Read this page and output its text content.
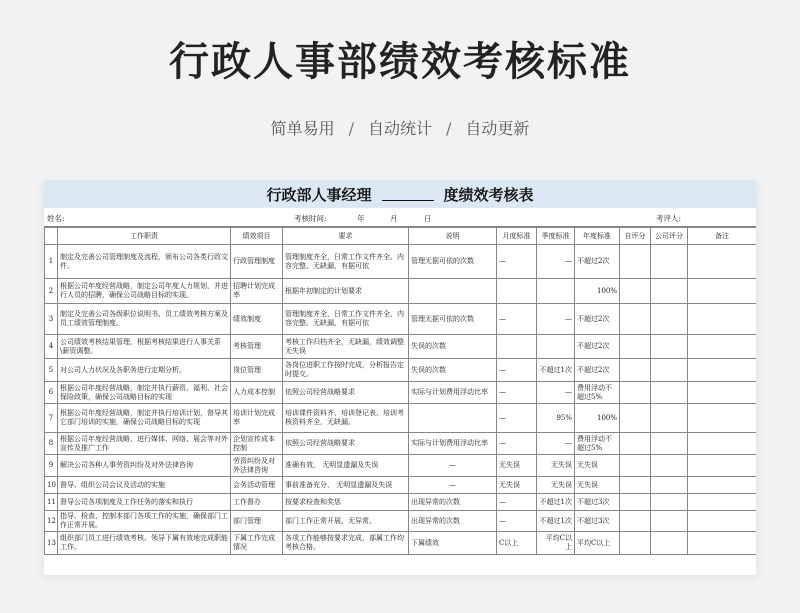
行政人事部绩效考核标准
简单易用 / 自动统计 / 自动更新
行政部人事经理	度绩效考核表
姓名:	考核时间:	年	月	日	考评人:
	工作职责	绩效项目	要求	说明	月度标准	季度标准	年度标准	自评分	公司评分	备注
1	制定及完善公司管理制度及流程，颁布公司各类行政文件。	行政管理制度	管理制度齐全，日常工作文件齐全、内容完整、无缺漏，有据可依	管理无据可依的次数	—	—	不超过2次			
2	根据公司年度经营战略，制定公司年度人力规划，并进行人员的招聘，确保公司战略目标的实现。	招聘计划完成率	根据年初制定的计划要求				100%			
3	制定及完善公司各级职位说明书、员工绩效考核方案及员工绩效管理制度。	绩效制度	管理制度齐全，日常工作文件齐全、内容完整、无缺漏，有据可依	管理无据可依的次数	—	—	不超过2次			
4	公司绩效考核结果管理，根据考核结果进行人事关系\薪资调整。	考核管理	考核工作归档齐全，无缺漏，绩效调整无失误	失误的次数			不超过2次			
5	对公司人力状况及各职务进行定期分析。	岗位管理	各岗位进职工作按时完成，分析报告定时提交。	失误的次数	—	不超过1次	不超过2次			
6	根据公司年度经营战略，制定并执行薪资、福利、社会保险政策，确保公司战略目标的实现	人力成本控制	依照公司经营战略要求	实际与计划费用浮动比率	—	—	费用浮动不超过5%			
7	根据公司年度经营战略，制定并执行培训计划，督导其它部门培训的实施，确保公司战略目标的实现	培训计划完成率	培训课件资料齐、培训登记表、培训考核资料齐全，无缺漏。		—	95%	100%			
8	根据公司年度经营战略，进行媒体、网络、展会等对外宣传及推广工作	企划宣传成本控制	依照公司经营战略要求	实际与计划费用浮动比率	—	—	费用浮动不超过5%			
9	解决公司各种人事劳资纠纷及对外法律咨询	劳资纠纷及对外法律咨询	准确有效， 无明显遗漏及失误	—	无失误	无失误	无失误			
10	督导、组织公司会议及活动的实施	会务活动管理	事前准备充分， 无明显遗漏及失误	—	无失误	无失误	无失误			
11	督导公司各项制度及工作任务的落实和执行	工作督办	按要求检查和奖惩	出现异常的次数	—	不超过1次	不超过3次			
12	指导、检查、控制本部门各项工作的实施，确保部门工作正常开展。	部门管理	部门工作正常开展，无异常。	出现异常的次数	—	不超过1次	不超过3次			
13	组织部门员工进行绩效考核、领导下属有效地完成职能工作。	下属工作完成情况	各项工作能够按要求完成，部属工作均考核合格。	下属绩效	C以上	平均C以上	平均C以上			
